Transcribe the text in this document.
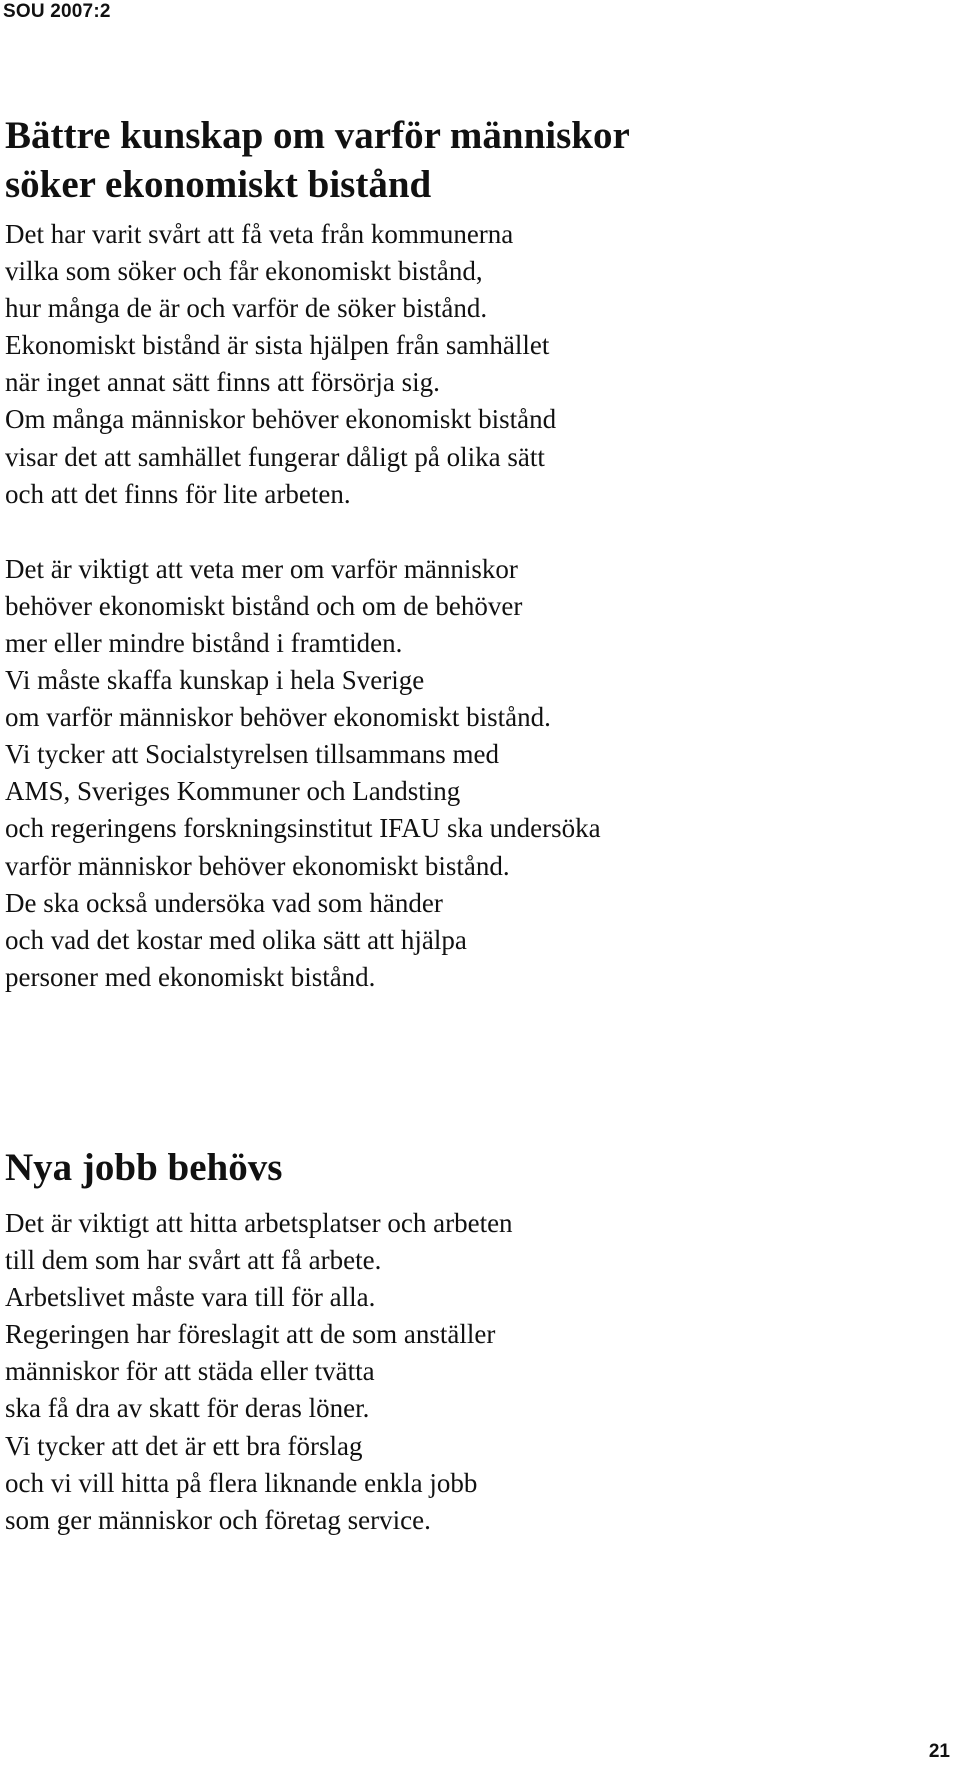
SOU 2007:2
Bättre kunskap om varför människor
söker ekonomiskt bistånd
Det har varit svårt att få veta från kommunerna
vilka som söker och får ekonomiskt bistånd,
hur många de är och varför de söker bistånd.
Ekonomiskt bistånd är sista hjälpen från samhället
när inget annat sätt finns att försörja sig.
Om många människor behöver ekonomiskt bistånd
visar det att samhället fungerar dåligt på olika sätt
och att det finns för lite arbeten.
Det är viktigt att veta mer om varför människor
behöver ekonomiskt bistånd och om de behöver
mer eller mindre bistånd i framtiden.
Vi måste skaffa kunskap i hela Sverige
om varför människor behöver ekonomiskt bistånd.
Vi tycker att Socialstyrelsen tillsammans med
AMS, Sveriges Kommuner och Landsting
och regeringens forskningsinstitut IFAU ska undersöka
varför människor behöver ekonomiskt bistånd.
De ska också undersöka vad som händer
och vad det kostar med olika sätt att hjälpa
personer med ekonomiskt bistånd.
Nya jobb behövs
Det är viktigt att hitta arbetsplatser och arbeten
till dem som har svårt att få arbete.
Arbetslivet måste vara till för alla.
Regeringen har föreslagit att de som anställer
människor för att städa eller tvätta
ska få dra av skatt för deras löner.
Vi tycker att det är ett bra förslag
och vi vill hitta på flera liknande enkla jobb
som ger människor och företag service.
21
